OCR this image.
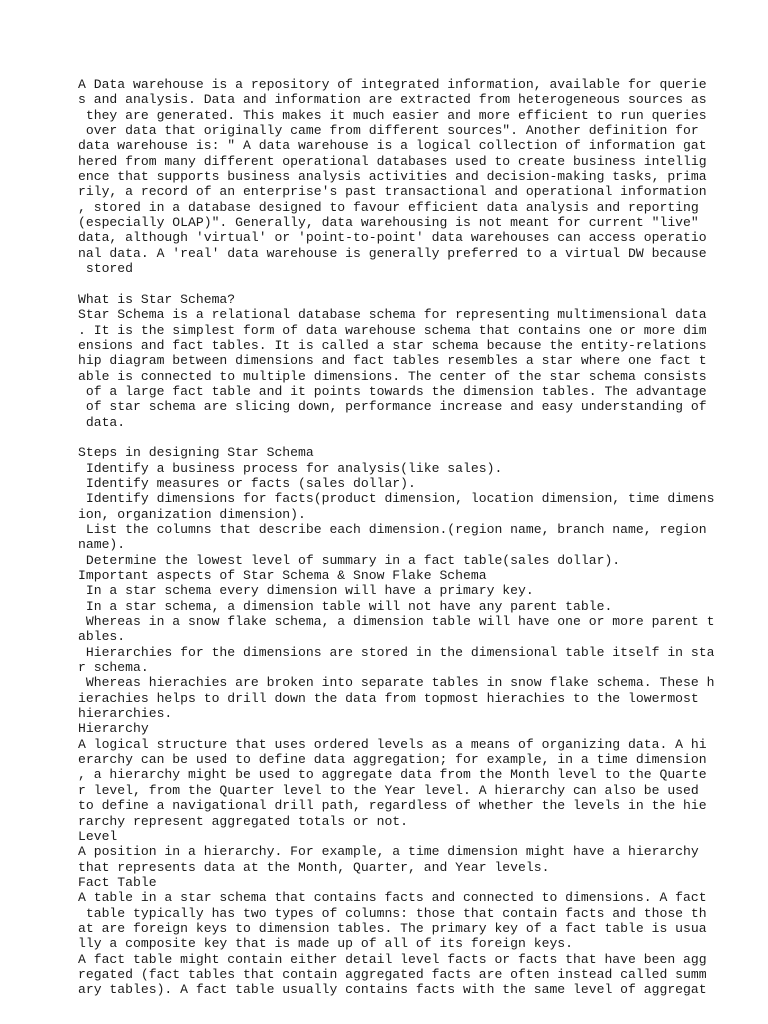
A Data warehouse is a repository of integrated information, available for querie
s and analysis. Data and information are extracted from heterogeneous sources as
they are generated. This makes it much easier and more efficient to run queries
over data that originally came from different sources". Another definition for
data warehouse is: " A data warehouse is a logical collection of information gat
hered from many different operational databases used to create business intellig
ence that supports business analysis activities and decision-making tasks, prima
rily, a record of an enterprise's past transactional and operational information
, stored in a database designed to favour efficient data analysis and reporting
(especially OLAP)". Generally, data warehousing is not meant for current "live"
data, although 'virtual' or 'point-to-point' data warehouses can access operatio
nal data. A 'real' data warehouse is generally preferred to a virtual DW because
stored
What is Star Schema?
Star Schema is a relational database schema for representing multimensional data
. It is the simplest form of data warehouse schema that contains one or more dim
ensions and fact tables. It is called a star schema because the entity-relations
hip diagram between dimensions and fact tables resembles a star where one fact t
able is connected to multiple dimensions. The center of the star schema consists
of a large fact table and it points towards the dimension tables. The advantage
of star schema are slicing down, performance increase and easy understanding of
data.
Steps in designing Star Schema
Identify a business process for analysis(like sales).
Identify measures or facts (sales dollar).
Identify dimensions for facts(product dimension, location dimension, time dimens
ion, organization dimension).
List the columns that describe each dimension.(region name, branch name, region
name).
Determine the lowest level of summary in a fact table(sales dollar).
Important aspects of Star Schema & Snow Flake Schema
In a star schema every dimension will have a primary key.
In a star schema, a dimension table will not have any parent table.
Whereas in a snow flake schema, a dimension table will have one or more parent t
ables.
Hierarchies for the dimensions are stored in the dimensional table itself in sta
r schema.
Whereas hierachies are broken into separate tables in snow flake schema. These h
ierachies helps to drill down the data from topmost hierachies to the lowermost
hierarchies.
Hierarchy
A logical structure that uses ordered levels as a means of organizing data. A hi
erarchy can be used to define data aggregation; for example, in a time dimension
, a hierarchy might be used to aggregate data from the Month level to the Quarte
r level, from the Quarter level to the Year level. A hierarchy can also be used
to define a navigational drill path, regardless of whether the levels in the hie
rarchy represent aggregated totals or not.
Level
A position in a hierarchy. For example, a time dimension might have a hierarchy
that represents data at the Month, Quarter, and Year levels.
Fact Table
A table in a star schema that contains facts and connected to dimensions. A fact
table typically has two types of columns: those that contain facts and those th
at are foreign keys to dimension tables. The primary key of a fact table is usua
lly a composite key that is made up of all of its foreign keys.
A fact table might contain either detail level facts or facts that have been agg
regated (fact tables that contain aggregated facts are often instead called summ
ary tables). A fact table usually contains facts with the same level of aggregat
